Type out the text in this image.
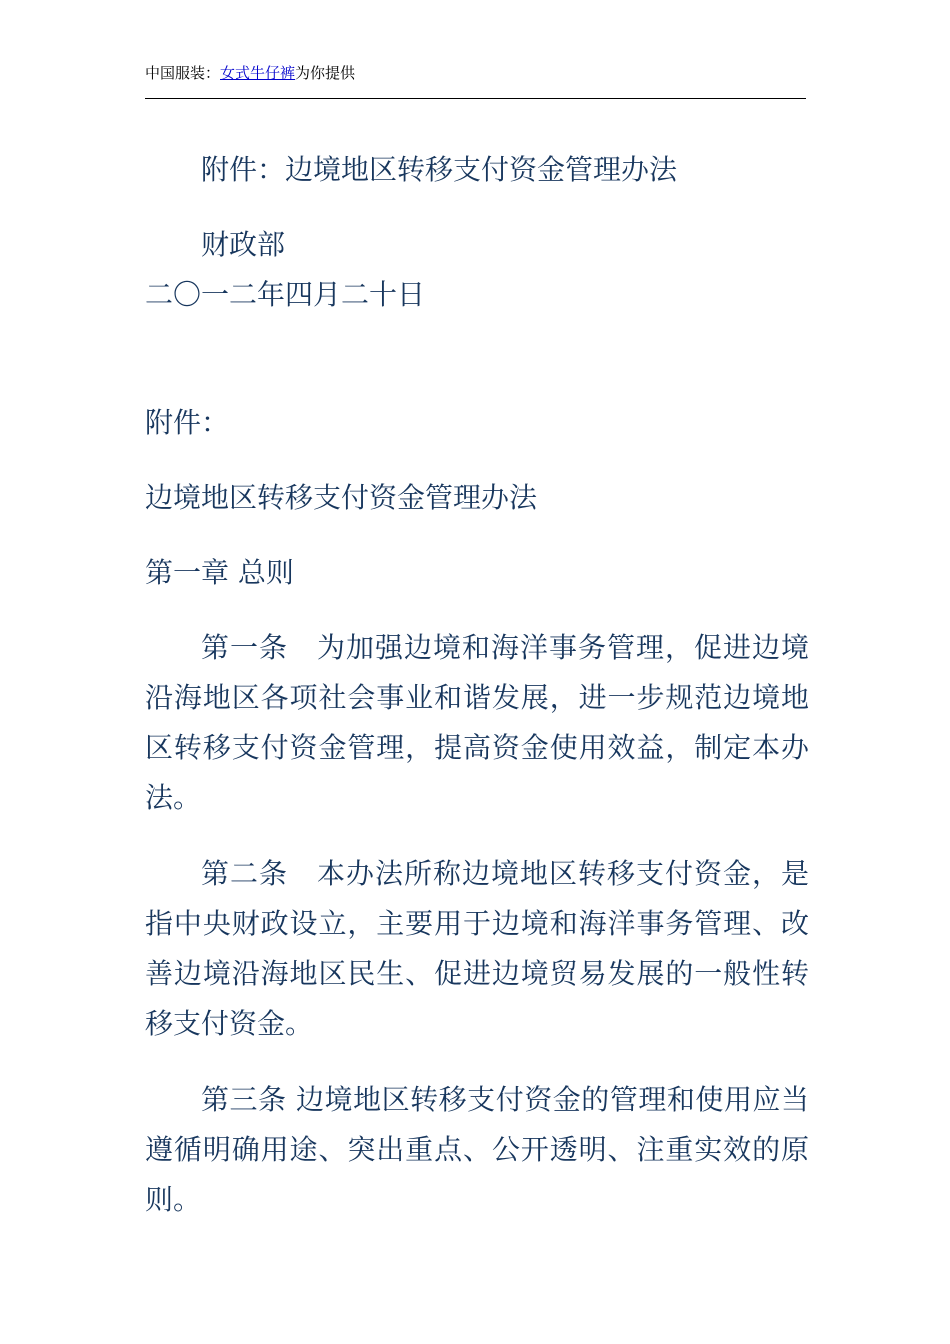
中国服装：女式牛仔裤为你提供
附件：边境地区转移支付资金管理办法
财政部
二〇一二年四月二十日
附件：
边境地区转移支付资金管理办法
第一章 总则

第一条　为加强边境和海洋事务管理，促进边境沿海地区各项社会事业和谐发展，进一步规范边境地区转移支付资金管理，提高资金使用效益，制定本办法。

第二条　本办法所称边境地区转移支付资金，是指中央财政设立，主要用于边境和海洋事务管理、改善边境沿海地区民生、促进边境贸易发展的一般性转移支付资金。

第三条 边境地区转移支付资金的管理和使用应当遵循明确用途、突出重点、公开透明、注重实效的原则。
